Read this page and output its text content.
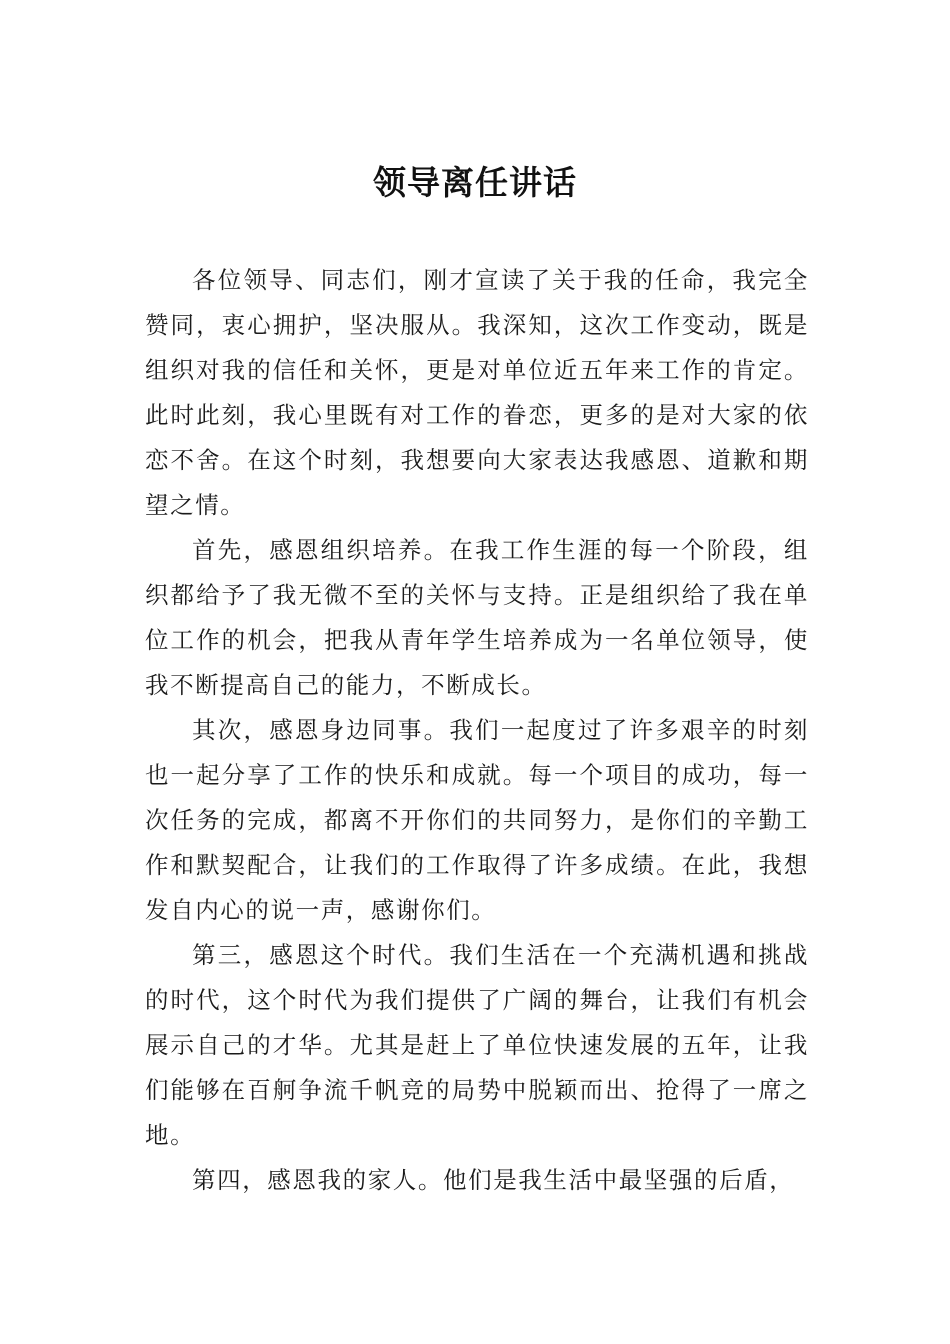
领导离任讲话

各位领导、同志们，刚才宣读了关于我的任命，我完全赞同，衷心拥护，坚决服从。我深知，这次工作变动，既是组织对我的信任和关怀，更是对单位近五年来工作的肯定。此时此刻，我心里既有对工作的眷恋，更多的是对大家的依恋不舍。在这个时刻，我想要向大家表达我感恩、道歉和期望之情。

首先，感恩组织培养。在我工作生涯的每一个阶段，组织都给予了我无微不至的关怀与支持。正是组织给了我在单位工作的机会，把我从青年学生培养成为一名单位领导，使我不断提高自己的能力，不断成长。

其次，感恩身边同事。我们一起度过了许多艰辛的时刻也一起分享了工作的快乐和成就。每一个项目的成功，每一次任务的完成，都离不开你们的共同努力，是你们的辛勤工作和默契配合，让我们的工作取得了许多成绩。在此，我想发自内心的说一声，感谢你们。

第三，感恩这个时代。我们生活在一个充满机遇和挑战的时代，这个时代为我们提供了广阔的舞台，让我们有机会展示自己的才华。尤其是赶上了单位快速发展的五年，让我们能够在百舸争流千帆竞的局势中脱颖而出、抢得了一席之地。

第四，感恩我的家人。他们是我生活中最坚强的后盾，
